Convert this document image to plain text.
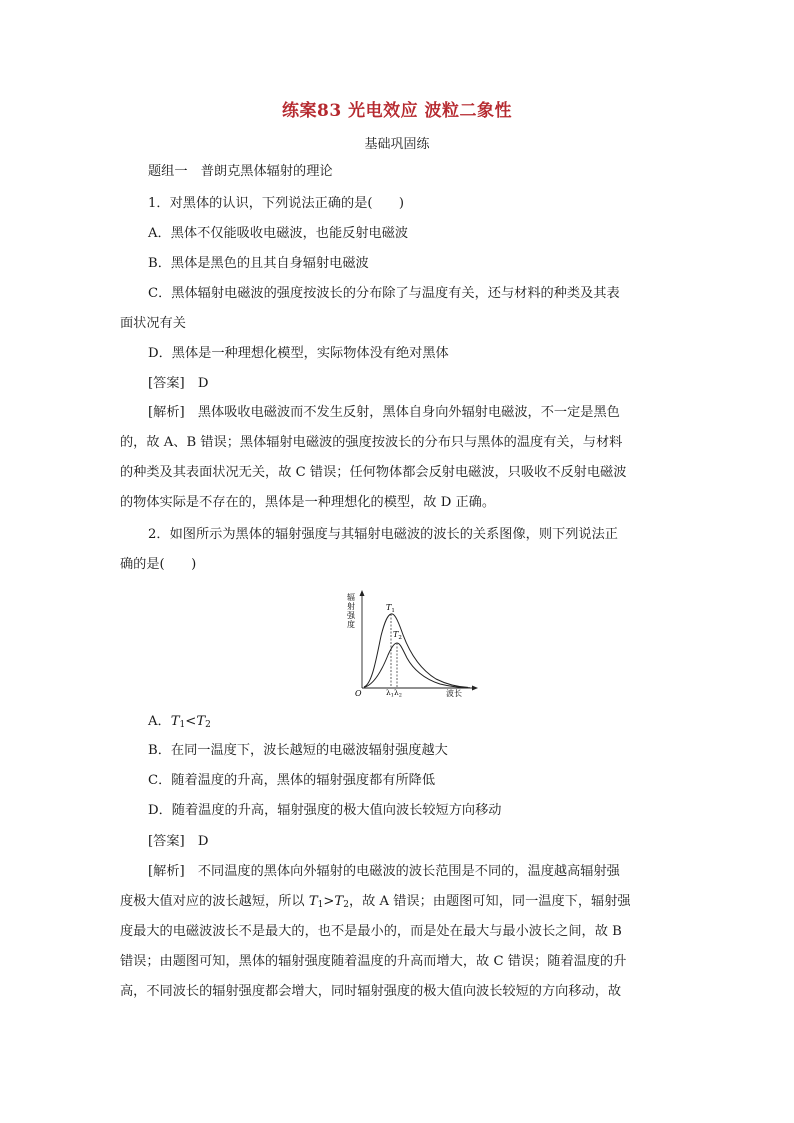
练案83 光电效应 波粒二象性
基础巩固练
题组一　普朗克黑体辐射的理论
1．对黑体的认识，下列说法正确的是(　　)
A．黑体不仅能吸收电磁波，也能反射电磁波
B．黑体是黑色的且其自身辐射电磁波
C．黑体辐射电磁波的强度按波长的分布除了与温度有关，还与材料的种类及其表
面状况有关
D．黑体是一种理想化模型，实际物体没有绝对黑体
[答案]　D
[解析]　黑体吸收电磁波而不发生反射，黑体自身向外辐射电磁波，不一定是黑色
的，故 A、B 错误；黑体辐射电磁波的强度按波长的分布只与黑体的温度有关，与材料
的种类及其表面状况无关，故 C 错误；任何物体都会反射电磁波，只吸收不反射电磁波
的物体实际是不存在的，黑体是一种理想化的模型，故 D 正确。
2．如图所示为黑体的辐射强度与其辐射电磁波的波长的关系图像，则下列说法正
确的是(　　)
辐
射
强
度
$T_1$
$T_2$
O	$\lambda_1$ $\lambda_2$	波长
A．$T_1<T_2$
B．在同一温度下，波长越短的电磁波辐射强度越大
C．随着温度的升高，黑体的辐射强度都有所降低
D．随着温度的升高，辐射强度的极大值向波长较短方向移动
[答案]　D
[解析]　不同温度的黑体向外辐射的电磁波的波长范围是不同的，温度越高辐射强
度极大值对应的波长越短，所以 $T_1>T_2$，故 A 错误；由题图可知，同一温度下，辐射强
度最大的电磁波波长不是最大的，也不是最小的，而是处在最大与最小波长之间，故 B
错误；由题图可知，黑体的辐射强度随着温度的升高而增大，故 C 错误；随着温度的升
高，不同波长的辐射强度都会增大，同时辐射强度的极大值向波长较短的方向移动，故
